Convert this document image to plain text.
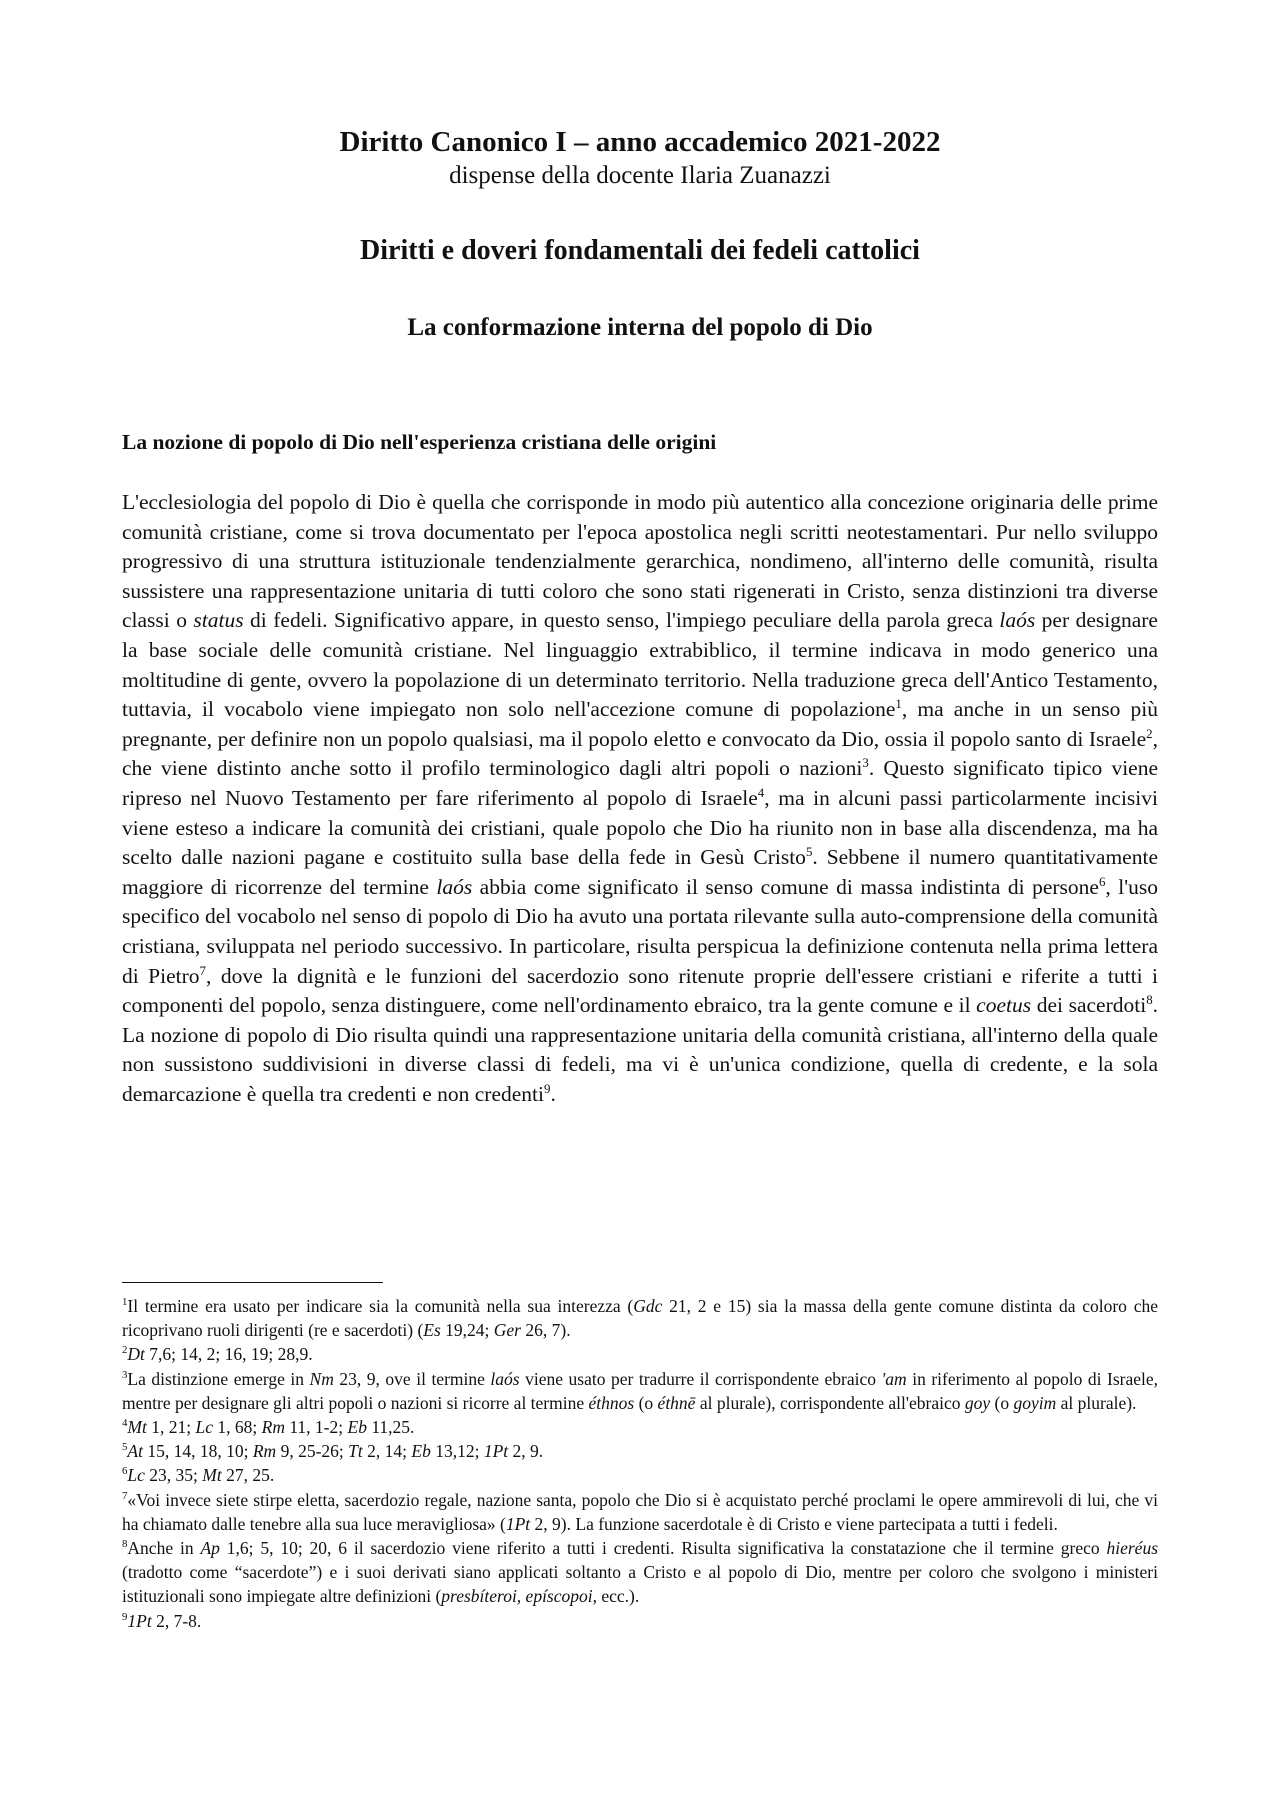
Diritto Canonico I – anno accademico 2021-2022

dispense della docente Ilaria Zuanazzi

Diritti e doveri fondamentali dei fedeli cattolici

La conformazione interna del popolo di Dio

La nozione di popolo di Dio nell'esperienza cristiana delle origini

L'ecclesiologia del popolo di Dio è quella che corrisponde in modo più autentico alla concezione originaria delle prime comunità cristiane, come si trova documentato per l'epoca apostolica negli scritti neotestamentari. Pur nello sviluppo progressivo di una struttura istituzionale tendenzialmente gerarchica, nondimeno, all'interno delle comunità, risulta sussistere una rappresentazione unitaria di tutti coloro che sono stati rigenerati in Cristo, senza distinzioni tra diverse classi o status di fedeli. Significativo appare, in questo senso, l'impiego peculiare della parola greca laós per designare la base sociale delle comunità cristiane. Nel linguaggio extrabiblico, il termine indicava in modo generico una moltitudine di gente, ovvero la popolazione di un determinato territorio. Nella traduzione greca dell'Antico Testamento, tuttavia, il vocabolo viene impiegato non solo nell'accezione comune di popolazione$^1$, ma anche in un senso più pregnante, per definire non un popolo qualsiasi, ma il popolo eletto e convocato da Dio, ossia il popolo santo di Israele$^2$, che viene distinto anche sotto il profilo terminologico dagli altri popoli o nazioni$^3$. Questo significato tipico viene ripreso nel Nuovo Testamento per fare riferimento al popolo di Israele$^4$, ma in alcuni passi particolarmente incisivi viene esteso a indicare la comunità dei cristiani, quale popolo che Dio ha riunito non in base alla discendenza, ma ha scelto dalle nazioni pagane e costituito sulla base della fede in Gesù Cristo$^5$. Sebbene il numero quantitativamente maggiore di ricorrenze del termine laós abbia come significato il senso comune di massa indistinta di persone$^6$, l'uso specifico del vocabolo nel senso di popolo di Dio ha avuto una portata rilevante sulla auto-comprensione della comunità cristiana, sviluppata nel periodo successivo. In particolare, risulta perspicua la definizione contenuta nella prima lettera di Pietro$^7$, dove la dignità e le funzioni del sacerdozio sono ritenute proprie dell'essere cristiani e riferite a tutti i componenti del popolo, senza distinguere, come nell'ordinamento ebraico, tra la gente comune e il coetus dei sacerdoti$^8$. La nozione di popolo di Dio risulta quindi una rappresentazione unitaria della comunità cristiana, all'interno della quale non sussistono suddivisioni in diverse classi di fedeli, ma vi è un'unica condizione, quella di credente, e la sola demarcazione è quella tra credenti e non credenti$^9$.

$^1$Il termine era usato per indicare sia la comunità nella sua interezza (Gdc 21, 2 e 15) sia la massa della gente comune distinta da coloro che ricoprivano ruoli dirigenti (re e sacerdoti) (Es 19,24; Ger 26, 7).

$^2$Dt 7,6; 14, 2; 16, 19; 28,9.

$^3$La distinzione emerge in Nm 23, 9, ove il termine laós viene usato per tradurre il corrispondente ebraico 'am in riferimento al popolo di Israele, mentre per designare gli altri popoli o nazioni si ricorre al termine éthnos (o éthnē al plurale), corrispondente all'ebraico goy (o goyim al plurale).

$^4$Mt 1, 21; Lc 1, 68; Rm 11, 1-2; Eb 11,25.

$^5$At 15, 14, 18, 10; Rm 9, 25-26; Tt 2, 14; Eb 13,12; 1Pt 2, 9.

$^6$Lc 23, 35; Mt 27, 25.

$^7$«Voi invece siete stirpe eletta, sacerdozio regale, nazione santa, popolo che Dio si è acquistato perché proclami le opere ammirevoli di lui, che vi ha chiamato dalle tenebre alla sua luce meravigliosa» (1Pt 2, 9). La funzione sacerdotale è di Cristo e viene partecipata a tutti i fedeli.

$^8$Anche in Ap 1,6; 5, 10; 20, 6 il sacerdozio viene riferito a tutti i credenti. Risulta significativa la constatazione che il termine greco hieréus (tradotto come “sacerdote”) e i suoi derivati siano applicati soltanto a Cristo e al popolo di Dio, mentre per coloro che svolgono i ministeri istituzionali sono impiegate altre definizioni (presbíteroi, epíscopoi, ecc.).

$^9$1Pt 2, 7-8.
